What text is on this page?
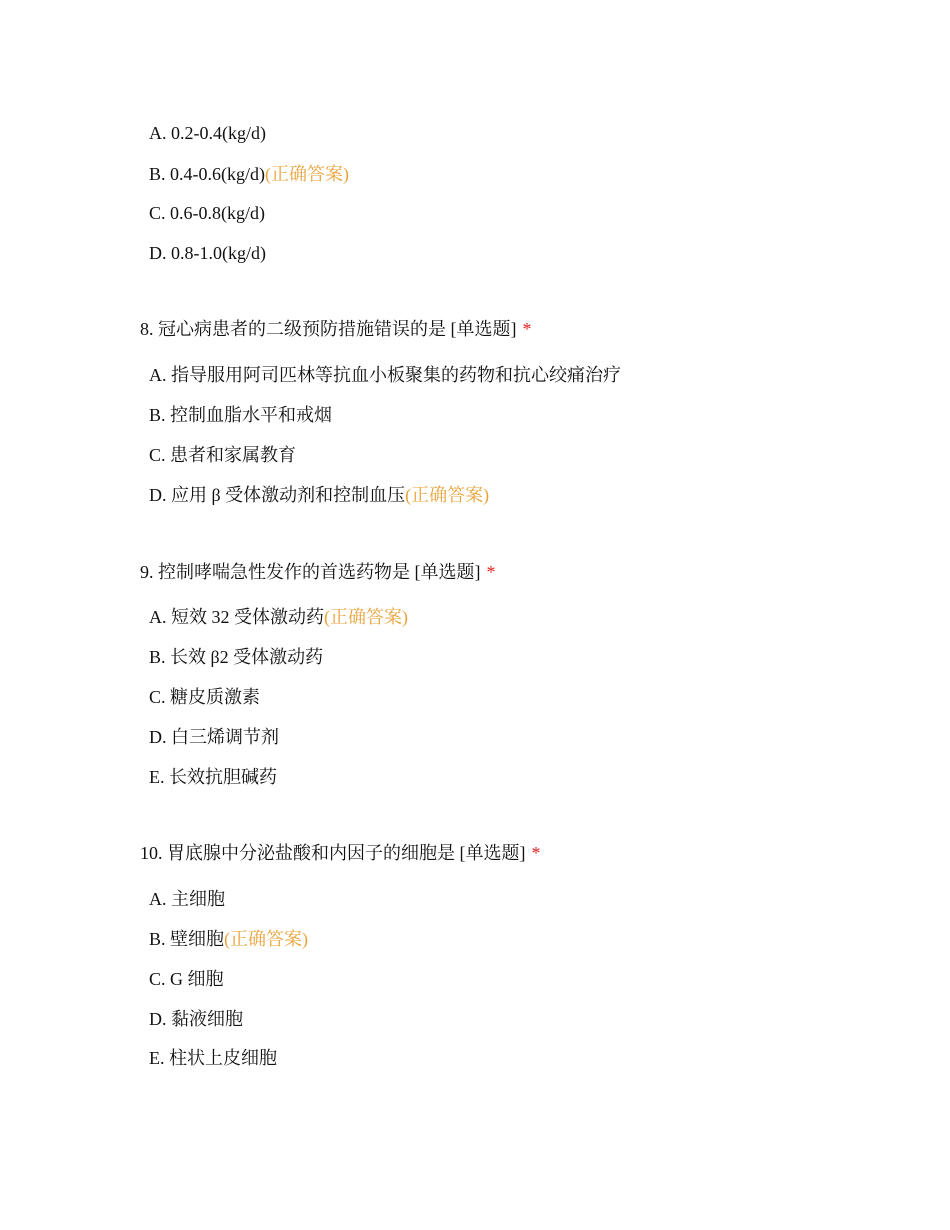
A. 0.2-0.4(kg/d)
B. 0.4-0.6(kg/d)(正确答案)
C. 0.6-0.8(kg/d)
D. 0.8-1.0(kg/d)
8. 冠心病患者的二级预防措施错误的是 [单选题] *
A. 指导服用阿司匹林等抗血小板聚集的药物和抗心绞痛治疗
B. 控制血脂水平和戒烟
C. 患者和家属教育
D. 应用 β 受体激动剂和控制血压(正确答案)
9. 控制哮喘急性发作的首选药物是 [单选题] *
A. 短效 32 受体激动药(正确答案)
B. 长效 β2 受体激动药
C. 糖皮质激素
D. 白三烯调节剂
E. 长效抗胆碱药
10. 胃底腺中分泌盐酸和内因子的细胞是 [单选题] *
A. 主细胞
B. 壁细胞(正确答案)
C. G 细胞
D. 黏液细胞
E. 柱状上皮细胞
